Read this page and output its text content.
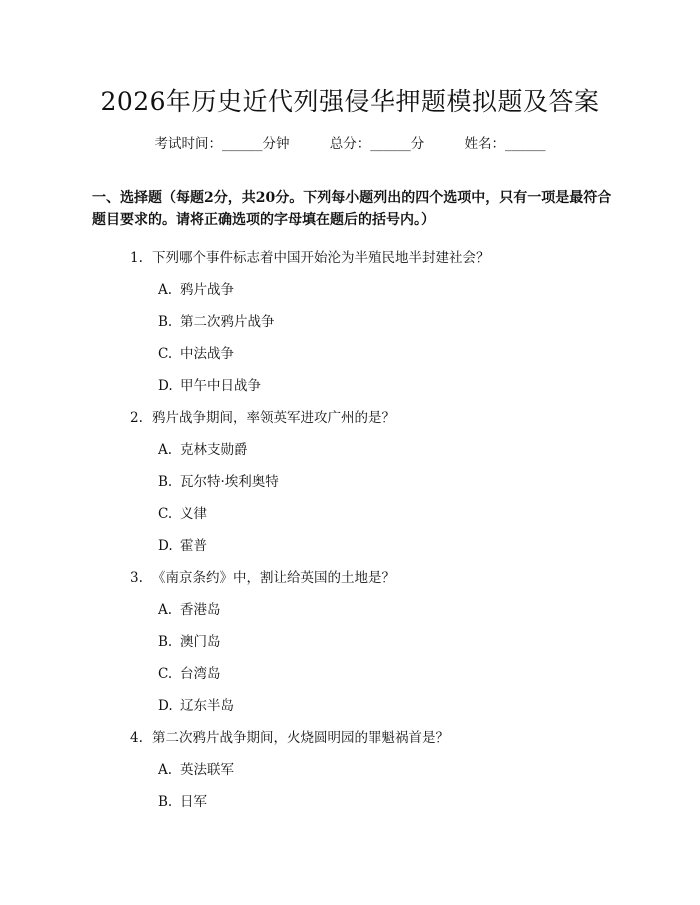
2026年历史近代列强侵华押题模拟题及答案
考试时间：______分钟	总分：______分	姓名：______
一、选择题（每题2分，共20分。下列每小题列出的四个选项中，只有一项是最符合题目要求的。请将正确选项的字母填在题后的括号内。）
1. 下列哪个事件标志着中国开始沦为半殖民地半封建社会？
A. 鸦片战争
B. 第二次鸦片战争
C. 中法战争
D. 甲午中日战争
2. 鸦片战争期间，率领英军进攻广州的是？
A. 克林支勋爵
B. 瓦尔特·埃利奥特
C. 义律
D. 霍普
3. 《南京条约》中，割让给英国的土地是？
A. 香港岛
B. 澳门岛
C. 台湾岛
D. 辽东半岛
4. 第二次鸦片战争期间，火烧圆明园的罪魁祸首是？
A. 英法联军
B. 日军
